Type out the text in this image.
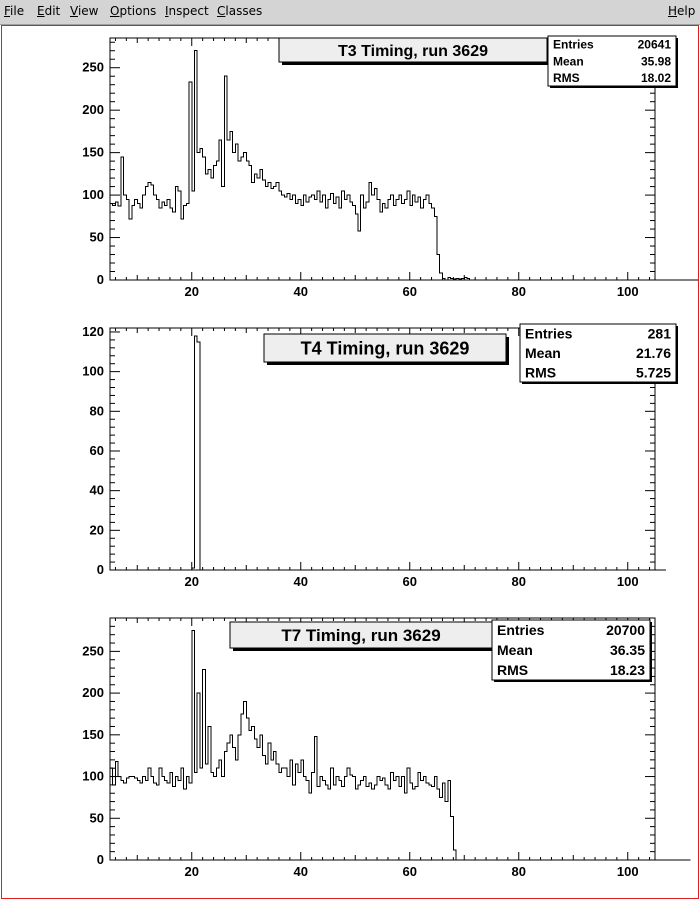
File Edit View Options Inspect Classes	Help
20	40	60	80	100
0
50
100
150
200
250
T3 Timing, run 3629	Entries	20641
Mean	35.98
RMS	18.02
20	40	60	80	100
0
20
40
60
80
100
120
T4 Timing, run 3629
Entries	281
Mean	21.76
RMS	5.725
20	40	60	80	100
0
50
100
150
200
250
T7 Timing, run 3629	Entries	20700
Mean	36.35
RMS	18.23
